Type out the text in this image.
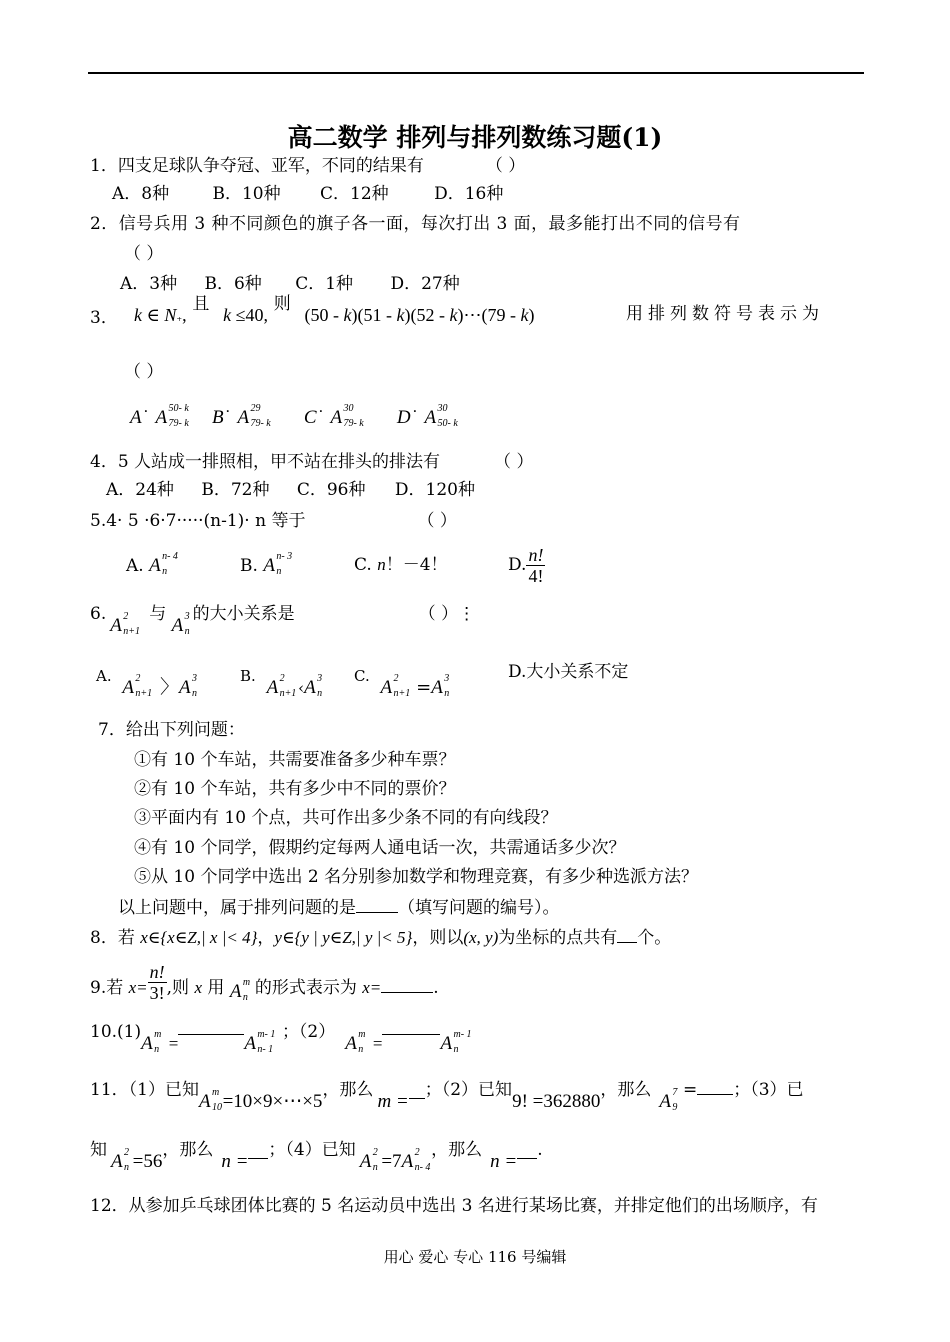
高二数学 排列与排列数练习题(1)
1．四支足球队争夺冠、亚军，不同的结果有	（ ）
A．8种	B．10种 C．12种	D．16种
2．信号兵用 3 种不同颜色的旗子各一面，每次打出 3 面，最多能打出不同的信号有
（ ）
A．3种 B．6种 C．1种 D．27种
3． k ∈ N₊, 且 k ≤40, 则 (50 - k)(51 - k)(52 - k)⋯(79 - k)	用排列数符号表示为
（ ）
A˙ A 50- k
79- k B˙ A 29
79- k C˙ A 30
79- k D˙ A 30
50- k
4．5 人站成一排照相，甲不站在排头的排法有	（ ）
A．24种 B．72种 C．96种 D．120种
5.4· 5 ·6·7·····(n-1)· n 等于	（ ）
A. A n- 4
n	B. A n- 3
n	C. n！－4！	D. $\frac{n!}{4!}$
6.A 2
n+1
与 A 3
n
的大小关系是	（ ）⋮
A. A 2
n+1 〉A 3
n
B. A 2
n+1 ‹A 3
n
C. A 2
n+1 =A 3
n
D.大小关系不定
7．给出下列问题：
①有 10 个车站，共需要准备多少种车票？
②有 10 个车站，共有多少中不同的票价？
③平面内有 10 个点，共可作出多少条不同的有向线段？
④有 10 个同学，假期约定每两人通电话一次，共需通话多少次？
⑤从 10 个同学中选出 2 名分别参加数学和物理竞赛，有多少种选派方法？
以上问题中，属于排列问题的是 （填写问题的编号）。
8．若 x∈{x∈Z,| x |< 4}，y∈{y | y∈Z,| y |< 5}，则以(x, y)为坐标的点共有 个。
9.若 $x= \frac{n!}{3!}$ ,则 x 用 A m
n 的形式表示为 x=	.
10.(1)A m
n =	A m- 1
n- 1
；（2）A m
n =	A m- 1
n
11．（1）已知A m
10 =10×9×⋯×5，那么m =；（2）已知9! =362880，那么A 7
9
= ；（3）已
知A 2
n =56，那么n =；（4）已知A 2
n =7A 2
n- 4
，那么n =.
12．从参加乒乓球团体比赛的 5 名运动员中选出 3 名进行某场比赛，并排定他们的出场顺序，有
用心 爱心 专心 116 号编辑
